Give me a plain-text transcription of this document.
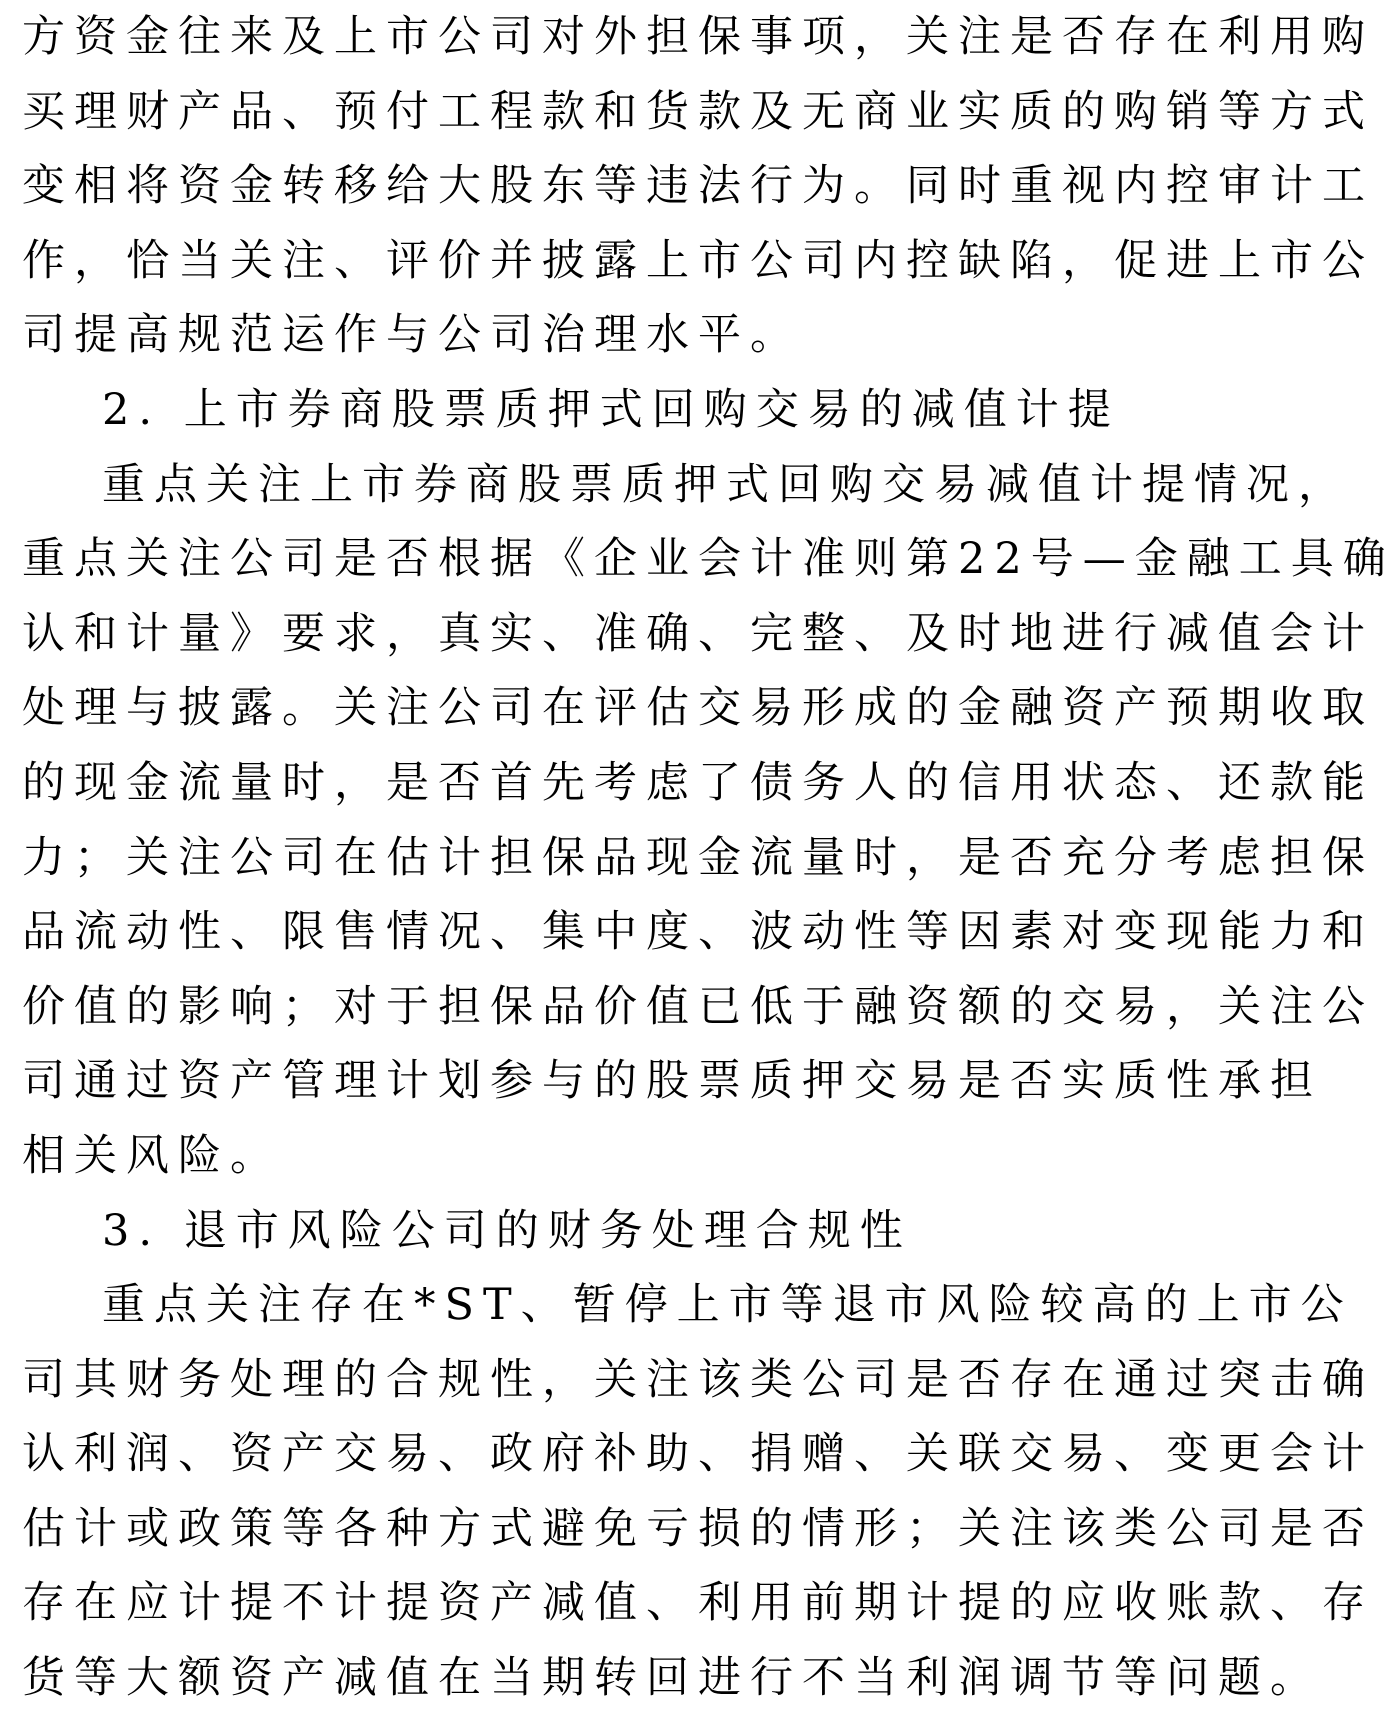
方资金往来及上市公司对外担保事项，关注是否存在利用购
买理财产品、预付工程款和货款及无商业实质的购销等方式
变相将资金转移给大股东等违法行为。同时重视内控审计工
作，恰当关注、评价并披露上市公司内控缺陷，促进上市公
司提高规范运作与公司治理水平。
2. 上市券商股票质押式回购交易的减值计提
重点关注上市券商股票质押式回购交易减值计提情况，
重点关注公司是否根据《企业会计准则第22号—金融工具确
认和计量》要求，真实、准确、完整、及时地进行减值会计
处理与披露。关注公司在评估交易形成的金融资产预期收取
的现金流量时，是否首先考虑了债务人的信用状态、还款能
力；关注公司在估计担保品现金流量时，是否充分考虑担保
品流动性、限售情况、集中度、波动性等因素对变现能力和
价值的影响；对于担保品价值已低于融资额的交易，关注公
司通过资产管理计划参与的股票质押交易是否实质性承担
相关风险。
3. 退市风险公司的财务处理合规性
重点关注存在*ST、暂停上市等退市风险较高的上市公
司其财务处理的合规性，关注该类公司是否存在通过突击确
认利润、资产交易、政府补助、捐赠、关联交易、变更会计
估计或政策等各种方式避免亏损的情形；关注该类公司是否
存在应计提不计提资产减值、利用前期计提的应收账款、存
货等大额资产减值在当期转回进行不当利润调节等问题。
